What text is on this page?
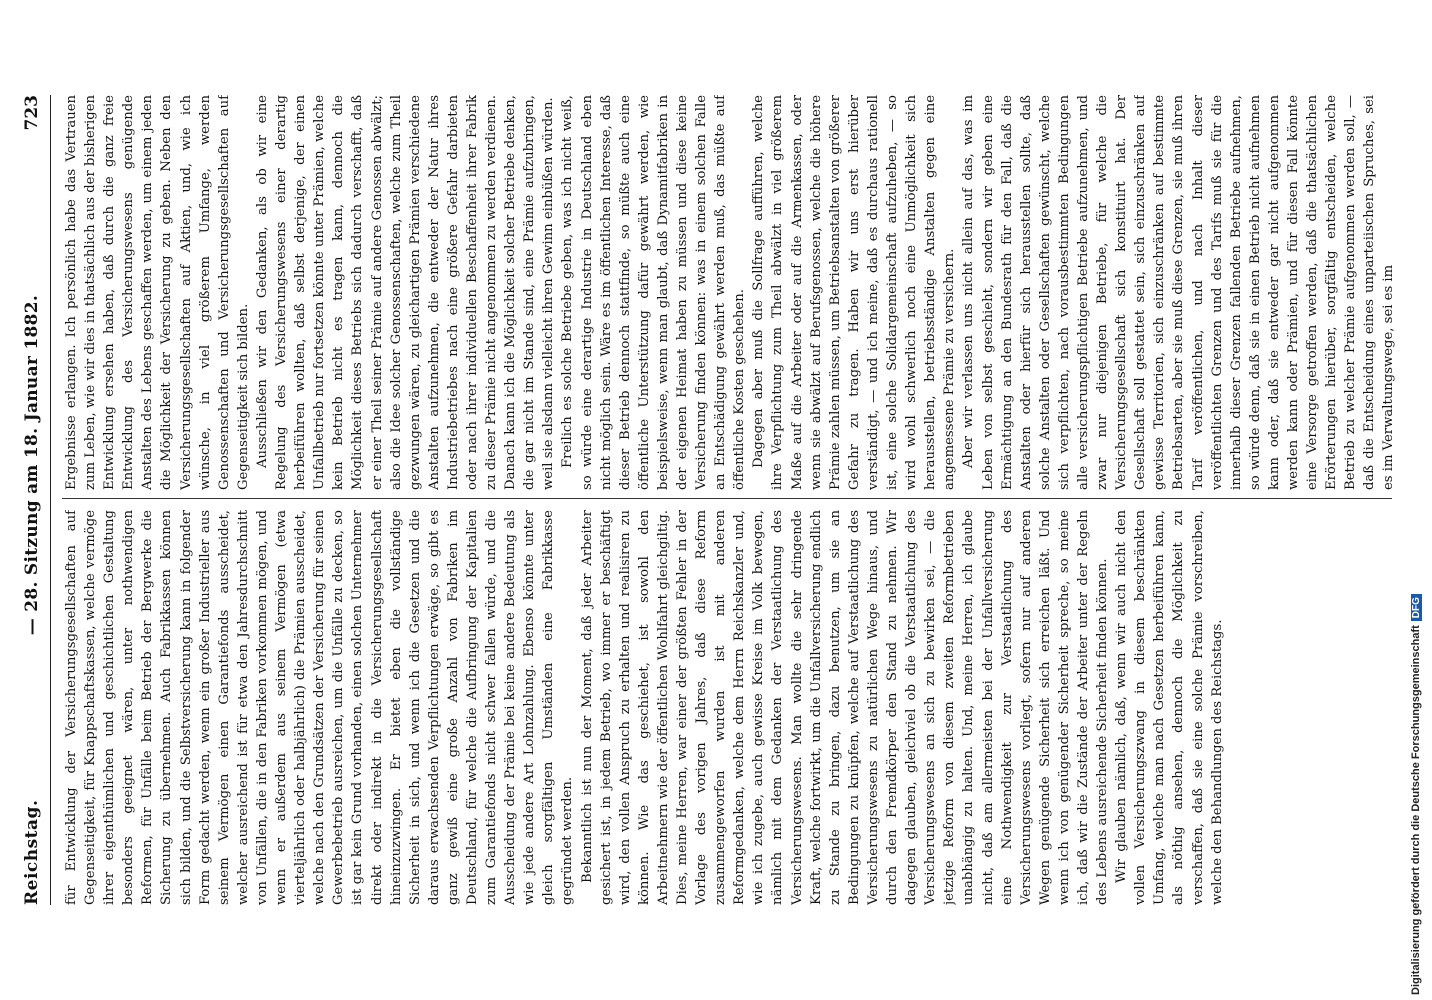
Reichstag.
— 28. Sitzung am 18. Januar 1882.
723

für Entwicklung der Versicherungsgesellschaften auf Gegenseitigkeit, für Knappschaftskassen, welche vermöge ihrer eigenthümlichen und geschichtlichen Gestaltung besonders geeignet wären, unter nothwendigen Reformen, für Unfälle beim Betrieb der Bergwerke die Sicherung zu übernehmen. Auch Fabrikkassen können sich bilden, und die Selbstversicherung kann in folgender Form gedacht werden, wenn ein großer Industrieller aus seinem Vermögen einen Garantiefonds ausscheidet, welcher ausreichend ist für etwa den Jahresdurchschnitt von Unfällen, die in den Fabriken vorkommen mögen, und wenn er außerdem aus seinem Vermögen (etwa vierteljährlich oder halbjährlich) die Prämien ausscheidet, welche nach den Grundsätzen der Versicherung für seinen Gewerbebetrieb ausreichen, um die Unfälle zu decken, so ist gar kein Grund vorhanden, einen solchen Unternehmer direkt oder indirekt in die Versicherungsgesellschaft hineinzuzwingen. Er bietet eben die vollständige Sicherheit in sich, und wenn ich die Gesetzen und die daraus erwachsenden Verpflichtungen erwäge, so gibt es ganz gewiß eine große Anzahl von Fabriken im Deutschland, für welche die Aufbringung der Kapitalien zum Garantiefonds nicht schwer fallen würde, und die Ausscheidung der Prämie bei keine andere Bedeutung als wie jede andere Art Lohnzahlung. Ebenso könnte unter gleich sorgfältigen Umständen eine Fabrikkasse gegründet werden. Bekanntlich ist nun der Moment, daß jeder Arbeiter gesichert ist, in jedem Betrieb, wo immer er beschäftigt wird, den vollen Anspruch zu erhalten und realisiren zu können. Wie das geschiehet, ist sowohl den Arbeitnehmern wie der öffentlichen Wohlfahrt gleichgiltig. Dies, meine Herren, war einer der größten Fehler in der Vorlage des vorigen Jahres, daß diese Reform zusammengeworfen wurden ist mit anderen Reformgedanken, welche dem Herrn Reichskanzler und, wie ich zugebe, auch gewisse Kreise im Volk bewegen, nämlich mit dem Gedanken der Verstaatlichung des Versicherungswesens. Man wollte die sehr dringende Kraft, welche fortwirkt, um die Unfallversicherung endlich zu Stande zu bringen, dazu benutzen, um sie an Bedingungen zu knüpfen, welche auf Verstaatlichung des Versicherungswesens zu natürlichen Wege hinaus, und durch den Fremdkörper den Stand zu nehmen. Wir dagegen glauben, gleichviel ob die Verstaatlichung des Versicherungswesens an sich zu bewirken sei, — die jetzige Reform von diesem zweiten Reformbetrieben unabhängig zu halten. Und, meine Herren, ich glaube nicht, daß am allermeisten bei der Unfallversicherung eine Nothwendigkeit zur Verstaatlichung des Versicherungswesens vorliegt, sofern nur auf anderen Wegen genügende Sicherheit sich erreichen läßt. Und wenn ich von genügender Sicherheit spreche, so meine ich, daß wir die Zustände der Arbeiter unter der Regeln des Lebens ausreichende Sicherheit finden können. Wir glauben nämlich, daß, wenn wir auch nicht den vollen Versicherungszwang in diesem beschränkten Umfang, welche man nach Gesetzen herbeiführen kann, als nöthig ansehen, dennoch die Möglichkeit zu verschaffen, daß sie eine solche Prämie vorschreiben, welche den Behandlungen des Reichstags.

Ergebnisse erlangen. Ich persönlich habe das Vertrauen zum Leben, wie wir dies in thatsächlich aus der bisherigen Entwicklung ersehen haben, daß durch die ganz freie Entwicklung des Versicherungswesens genügende Anstalten des Lebens geschaffen werden, um einem jeden die Möglichkeit der Versicherung zu geben. Neben den Versicherungsgesellschaften auf Aktien, und, wie ich wünsche, in viel größerem Umfange, werden Genossenschaften und Versicherungsgesellschaften auf Gegenseitigkeit sich bilden. Ausschließen wir den Gedanken, als ob wir eine Regelung des Versicherungswesens einer derartig herbeiführen wollten, daß selbst derjenige, der einen Unfallbetrieb nur fortsetzen könnte unter Prämien, welche kein Betrieb nicht es tragen kann, dennoch die Möglichkeit dieses Betriebs sich dadurch verschafft, daß er einer Theil seiner Prämie auf andere Genossen abwälzt; also die Idee solcher Genossenschaften, welche zum Theil gezwungen wären, zu gleichartigen Prämien verschiedene Anstalten aufzunehmen, die entweder der Natur ihres Industriebetriebes nach eine größere Gefahr darbieten oder nach ihrer individuellen Beschaffenheit ihrer Fabrik zu dieser Prämie nicht angenommen zu werden verdienen. Danach kann ich die Möglichkeit solcher Betriebe denken, die gar nicht im Stande sind, eine Prämie aufzubringen, weil sie alsdann vielleicht ihren Gewinn einbüßen würden. Freilich es solche Betriebe geben, was ich nicht weiß, so würde eine derartige Industrie in Deutschland eben nicht möglich sein. Wäre es im öffentlichen Interesse, daß dieser Betrieb dennoch stattfinde, so müßte auch eine öffentliche Unterstützung dafür gewährt werden, wie beispielsweise, wenn man glaubt, daß Dynamitfabriken in der eigenen Heimat haben zu müssen und diese keine Versicherung finden können: was in einem solchen Falle an Entschädigung gewährt werden muß, das müßte auf öffentliche Kosten geschehen. Dagegen aber muß die Sollfrage aufführen, welche ihre Verpflichtung zum Theil abwälzt in viel größerem Maße auf die Arbeiter oder auf die Armenkassen, oder wenn sie abwälzt auf Berufsgenossen, welche die höhere Prämie zahlen müssen, um Betriebsanstalten von größerer Gefahr zu tragen. Haben wir uns erst hierüber verständigt, — und ich meine, daß es durchaus rationell ist, eine solche Solidargemeinschaft aufzuheben, — so wird wohl schwerlich noch eine Unmöglichkeit sich herausstellen, betriebsständige Anstalten gegen eine angemessene Prämie zu versichern. Aber wir verlassen uns nicht allein auf das, was im Leben von selbst geschieht, sondern wir geben eine Ermächtigung an den Bundesrath für den Fall, daß die Anstalten oder hierfür sich herausstellen sollte, daß solche Anstalten oder Gesellschaften gewünscht, welche sich verpflichten, nach vorausbestimmten Bedingungen alle versicherungspflichtigen Betriebe aufzunehmen, und zwar nur diejenigen Betriebe, für welche die Versicherungsgesellschaft sich konstituirt hat. Der Gesellschaft soll gestattet sein, sich einzuschränken auf gewisse Territorien, sich einzuschränken auf bestimmte Betriebsarten, aber sie muß diese Grenzen, sie muß ihren Tarif veröffentlichen, und nach Inhalt dieser veröffentlichten Grenzen und des Tarifs muß sie für die innerhalb dieser Grenzen fallenden Betriebe aufnehmen, so würde denn, daß sie in einen Betrieb nicht aufnehmen kann oder, daß sie entweder gar nicht aufgenommen werden kann oder Prämien, und für diesen Fall könnte eine Versorge getroffen werden, daß die thatsächlichen Erörterungen hierüber, sorgfältig entscheiden, welche Betrieb zu welcher Prämie aufgenommen werden soll, — daß die Entscheidung eines unparteiischen Spruches, sei es im Verwaltungswege, sei es im

Digitalisierung gefördert durch die Deutsche ForschungsgemeinschaftDFG
